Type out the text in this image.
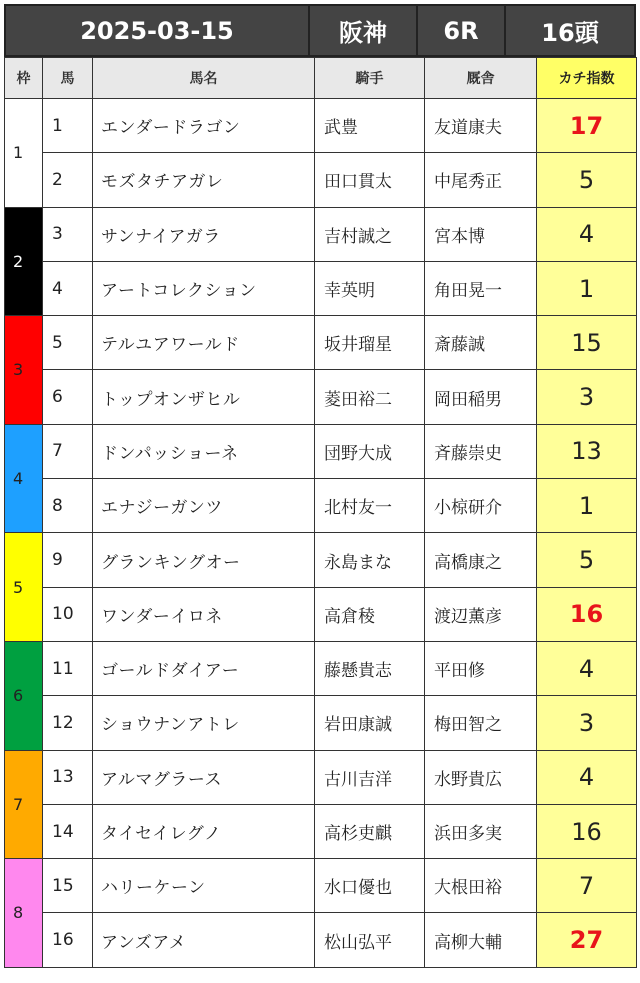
2025-03-15	阪神	6R	16頭
枠	馬	馬名	騎手	厩舎	カチ指数
1	1	エンダードラゴン	武豊	友道康夫	17
	2	モズタチアガレ	田口貫太	中尾秀正	5
2	3	サンナイアガラ	吉村誠之	宮本博	4
	4	アートコレクション	幸英明	角田晃一	1
3	5	テルユアワールド	坂井瑠星	斎藤誠	15
	6	トップオンザヒル	菱田裕二	岡田稲男	3
4	7	ドンパッショーネ	団野大成	斉藤崇史	13
	8	エナジーガンツ	北村友一	小椋研介	1
5	9	グランキングオー	永島まな	高橋康之	5
	10	ワンダーイロネ	高倉稜	渡辺薫彦	16
6	11	ゴールドダイアー	藤懸貴志	平田修	4
	12	ショウナンアトレ	岩田康誠	梅田智之	3
7	13	アルマグラース	古川吉洋	水野貴広	4
	14	タイセイレグノ	高杉吏麒	浜田多実	16
8	15	ハリーケーン	水口優也	大根田裕	7
	16	アンズアメ	松山弘平	高柳大輔	27
